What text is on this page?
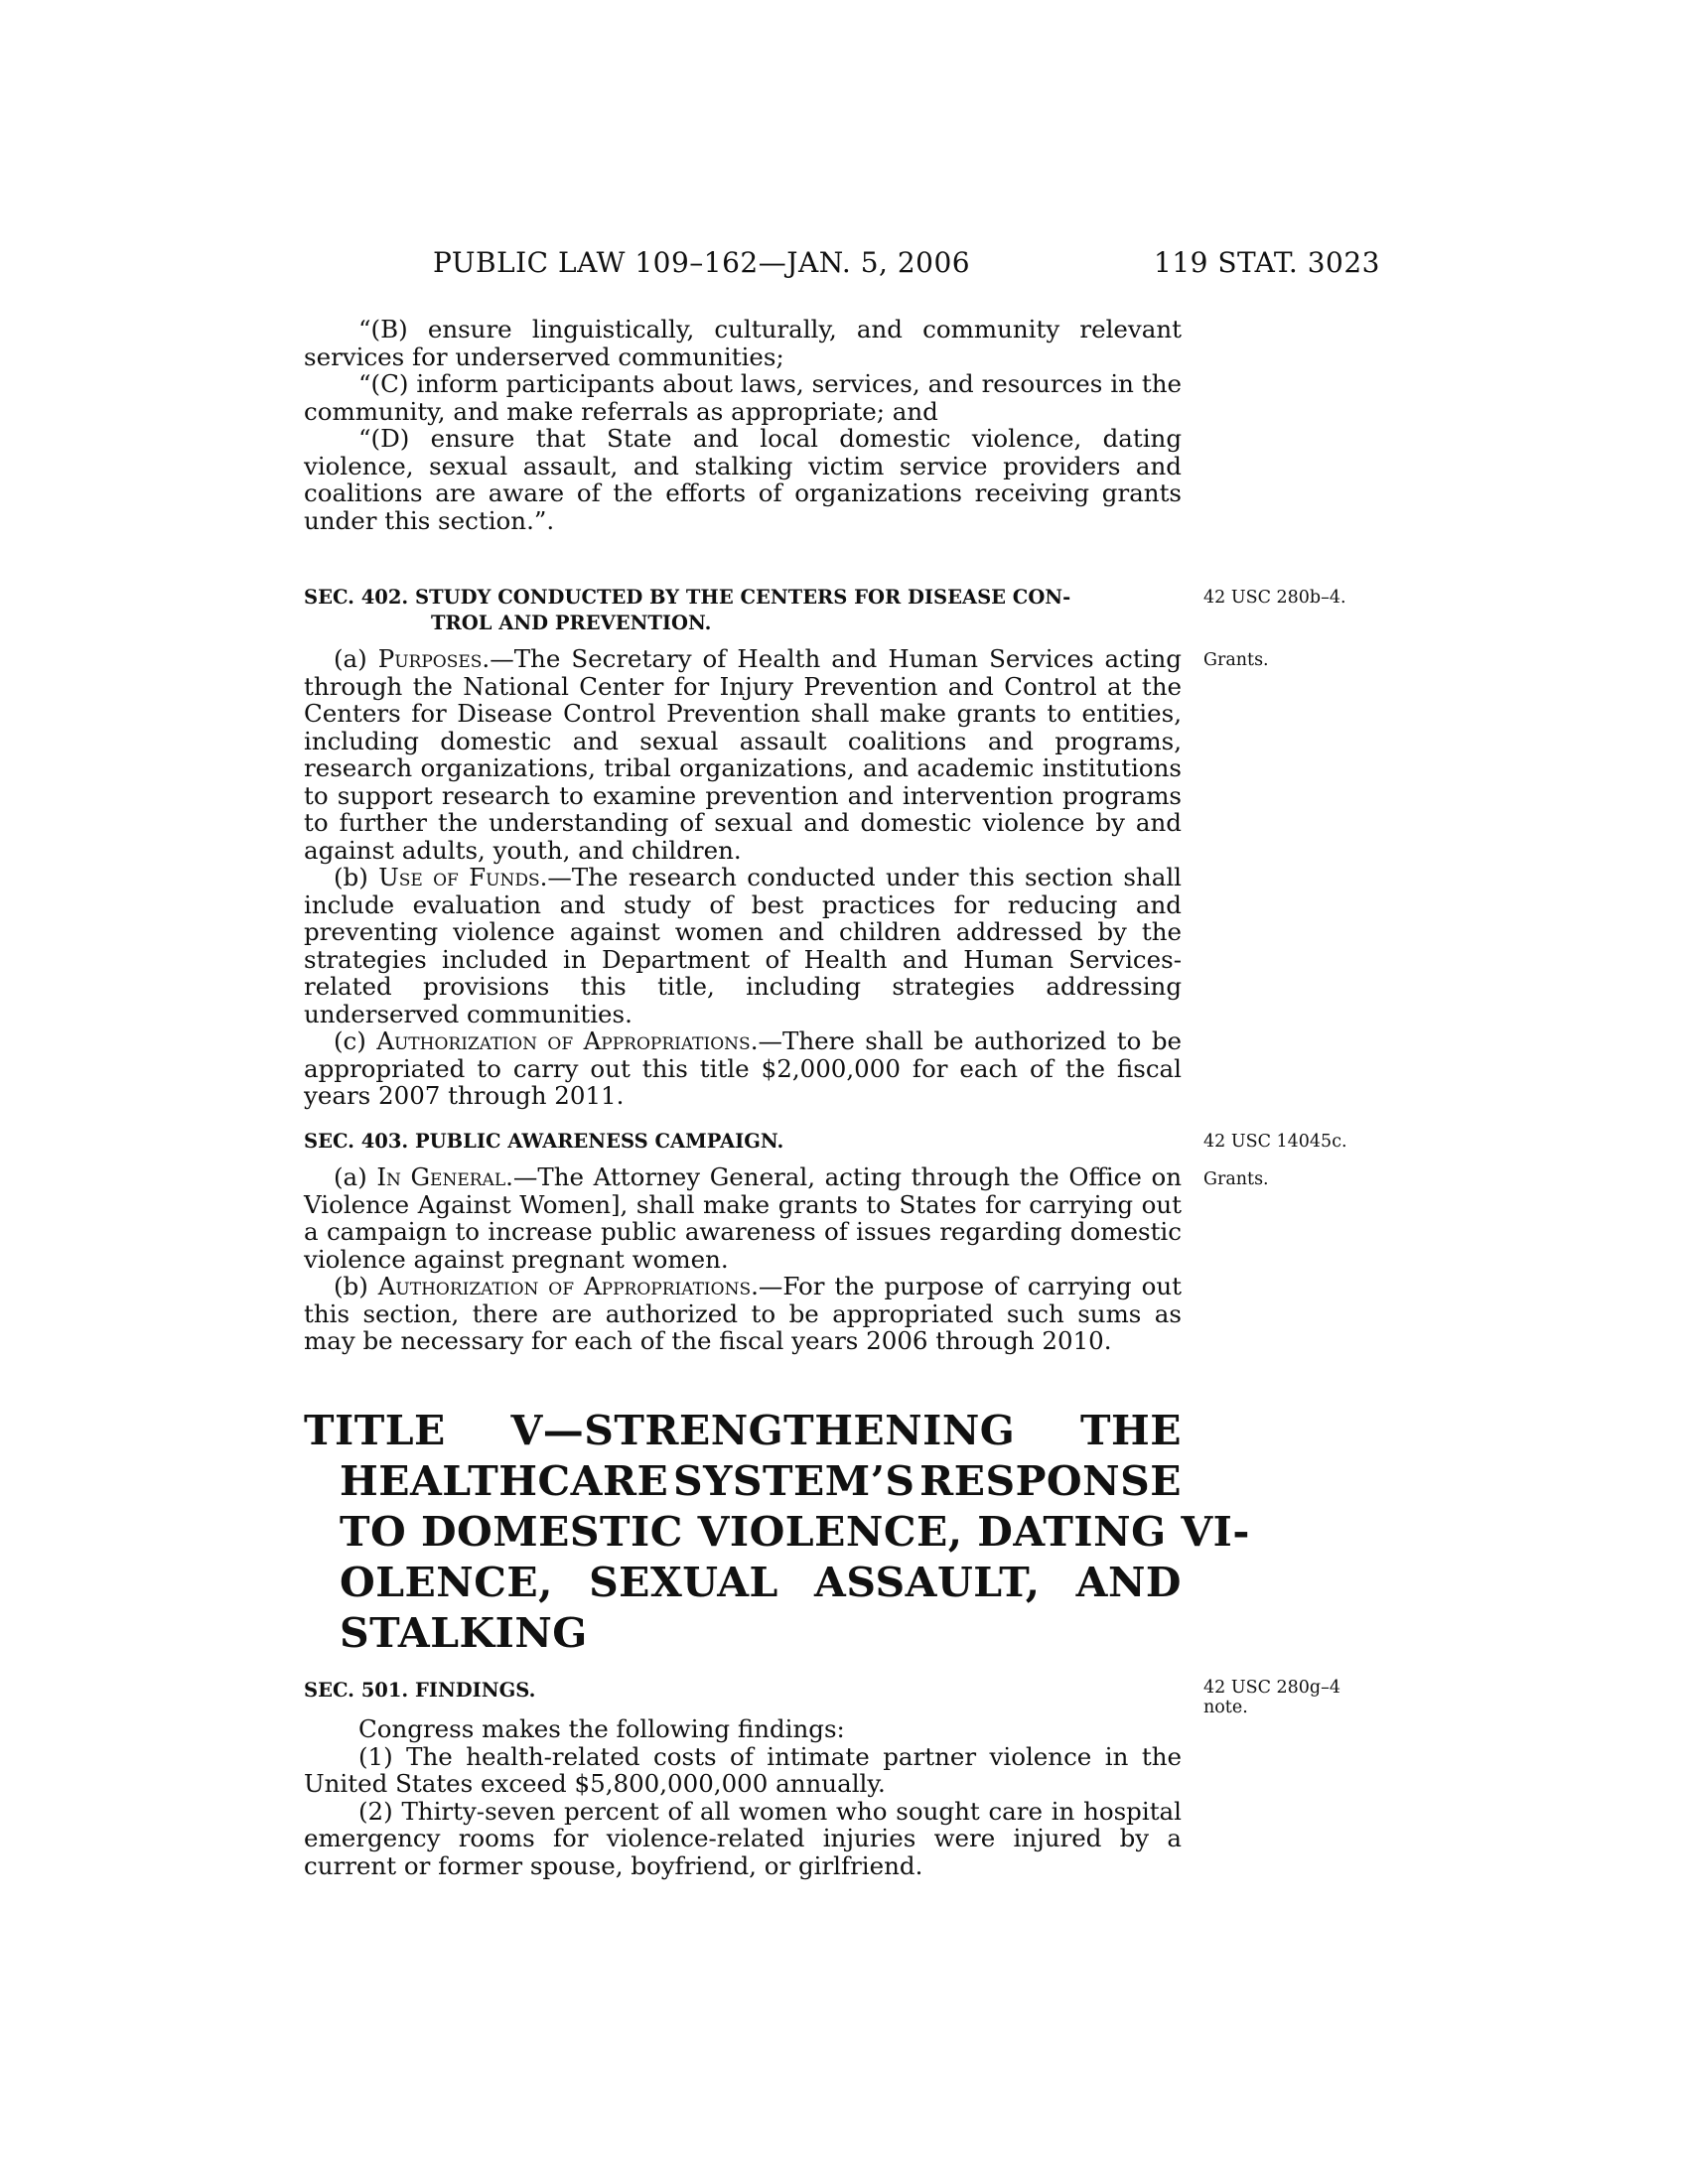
PUBLIC LAW 109–162—JAN. 5, 2006	119 STAT. 3023

“(B) ensure linguistically, culturally, and community relevant services for underserved communities;

“(C) inform participants about laws, services, and resources in the community, and make referrals as appropriate; and

“(D) ensure that State and local domestic violence, dating violence, sexual assault, and stalking victim service providers and coalitions are aware of the efforts of organizations receiving grants under this section.”.

SEC. 402. STUDY CONDUCTED BY THE CENTERS FOR DISEASE CON-
TROL AND PREVENTION.
42 USC 280b–4.
Grants.

(a) Purposes.—The Secretary of Health and Human Services acting through the National Center for Injury Prevention and Control at the Centers for Disease Control Prevention shall make grants to entities, including domestic and sexual assault coalitions and programs, research organizations, tribal organizations, and academic institutions to support research to examine prevention and intervention programs to further the understanding of sexual and domestic violence by and against adults, youth, and children.

(b) Use of Funds.—The research conducted under this section shall include evaluation and study of best practices for reducing and preventing violence against women and children addressed by the strategies included in Department of Health and Human Services-related provisions this title, including strategies addressing underserved communities.

(c) Authorization of Appropriations.—There shall be authorized to be appropriated to carry out this title $2,000,000 for each of the fiscal years 2007 through 2011.

SEC. 403. PUBLIC AWARENESS CAMPAIGN.	42 USC 14045c.
Grants.

(a) In General.—The Attorney General, acting through the Office on Violence Against Women], shall make grants to States for carrying out a campaign to increase public awareness of issues regarding domestic violence against pregnant women.

(b) Authorization of Appropriations.—For the purpose of carrying out this section, there are authorized to be appropriated such sums as may be necessary for each of the fiscal years 2006 through 2010.

TITLE V—STRENGTHENING THE
HEALTHCARE SYSTEM’S RESPONSE
TO DOMESTIC VIOLENCE, DATING VI-
OLENCE, SEXUAL ASSAULT, AND
STALKING
SEC. 501. FINDINGS.	42 USC 280g–4
note.

Congress makes the following findings:

(1) The health-related costs of intimate partner violence in the United States exceed $5,800,000,000 annually.

(2) Thirty-seven percent of all women who sought care in hospital emergency rooms for violence-related injuries were injured by a current or former spouse, boyfriend, or girlfriend.
